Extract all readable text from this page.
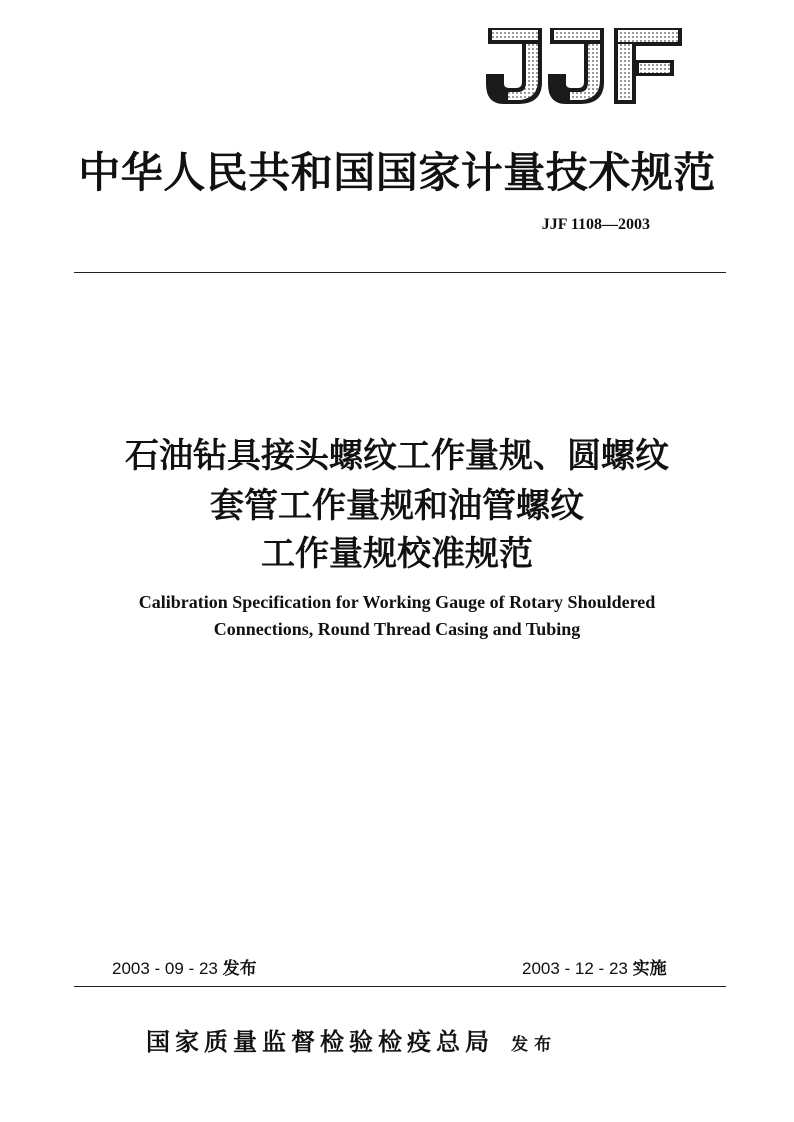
中华人民共和国国家计量技术规范
JJF 1108—2003
石油钻具接头螺纹工作量规、圆螺纹
套管工作量规和油管螺纹
工作量规校准规范
Calibration Specification for Working Gauge of Rotary Shouldered
Connections, Round Thread Casing and Tubing
2003 - 09 - 23 发布	2003 - 12 - 23 实施
国家质量监督检验检疫总局 发布
